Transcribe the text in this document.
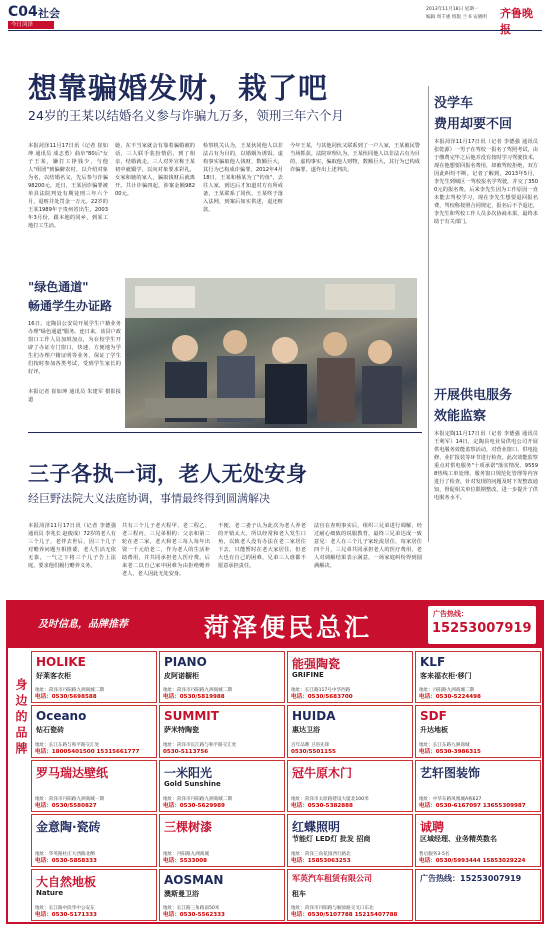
C04 社会
今日菏泽
2013年11月18日 星期一
编辑 周千惠 组版 兰书 安晓明 齐鲁晚报
想靠骗婚发财，栽了吧
24岁的王某以结婚名义参与诈骗九万多，领刑三年六个月
本报菏泽11月17日讯（记者 崔如坤 通讯员 成志勇）曲阜"80后"女子王某，嫌打工挣钱少，与他人"组团"到偏僻农村，以介绍对象为名，以结婚名义，先后参与诈骗98200元。近日，王某因诈骗罪被单县法院判处有期徒刑三年六个月，退赃并处罚金一万元。22岁的王某1989年于贵州省出生，2003年3月份，跟本地的同乡，到某工地打工生活。
她，在不当家就会有靠着骗婚被的话，三人联手装扮情侣，到了相亲，结婚就走。三人对外宣称王某初中就辍学，以向对象要求彩礼，女家和她的家人，骗取钱财后就离开。共计诈骗四起，涉案金额98200元。
检察机关认为，王某伙同他人以非法占有为目的，以婚姻为诱饵，虚构事实骗取他人钱财，数额巨大，其行为已构成诈骗罪。2012年4月18日，王某和杨某为了"钓鱼"，去往人家，到达后才知道对方有所戒备，王某联系了同伙。王某终于落入法网，到案后如实供述，退还赃款。
今年王某，与其他同伙又联系到了一户人家，王某被民警当场抓获。法院审理认为，王某伙同他人以非法占有为目的，虚构事实，骗取他人财物，数额巨大，其行为已构成诈骗罪，遂作出上述判决。
"绿色通道"
畅通学生办证路
16日，定陶县公安局开展学生户籍业务办理"绿色通道"服务。连日来，该县户政窗口工作人员加班加点，为在校学生开辟了办证专门窗口，快速、方便地为学生们办理户籍证明等业务，保证了学生们按时参加各类考试，受到学生家长的好评。
本报记者 崔如坤 通讯员 朱建军 摄影报道
没学车
费用却要不回
本报菏泽11月17日讯（记者 李德强 通讯员 张乾源）一男子在驾校一报名了驾照考试，由于缴费完毕之后他并没有按时学习驾驶技术，现在他想要回报名费用，却被驾校拒绝，双方因此纠纷不断。记者了解到，2013年5月，李先生到城区一驾校报名学驾驶，并交了3500元的报名费。后来李先生因为工作原因一直未能去驾校学习，现在李先生想要退回报名费，驾校称按照合同规定，报名后不予退还。李先生和驾校工作人员多次协商未果，最终求助于有关部门。
开展供电服务
效能监察
本报定陶11月17日讯（记者 李德强 通讯员 王利军）14日，定陶县电业局供电公司开展供电服务效能监察活动，对营业窗口、供电抢修、业扩报装等环节进行检查。此次效能监察重点对供电服务"十项承诺"落实情况、95598热线工单处理、服务窗口规范化管理等内容进行了检查，针对发现的问题及时下发整改通知，督促相关单位限期整改，进一步提升了供电服务水平。
三子各执一词，老人无处安身
经巨野法院大义法庭协调，事情最终得到圆满解决
本报菏泽11月17日讯（记者 李德强 通讯员 李兆长 赵俊成）72岁的老人有三个儿子，老伴去世后，因三个儿子对赡养问题互相推诿，老人生活无依无靠，一气之下将三个儿子告上法庭，要求他们履行赡养义务。
共有三个儿子老大程甲、老二程乙、老三程丙，三兄弟相约：父亲和第二轮在老二家，老大和老三每人每年出资一千元给老二，作为老人的生活补助费用，并共同承担老人医疗费。后来老二以自己家中困难为由拒绝赡养老人，老人因此无处安身。
不便，老二妻子认为此次为老人养老的开销太大，所以经常和老人发生口角，以致老人没有办法在老二家居住下去，只能暂时在老大家居住，但老大也有自己的困难，兄弟三人谁都不愿意承担责任。
法官在查明事实后，组织三兄弟进行调解，经过耐心细致的说服教育，最终三兄弟达成一致意见：老人在三个儿子家轮流居住，每家居住四个月，三兄弟共同承担老人的医疗费用，老人对调解结果表示满意，一场家庭纠纷得到圆满解决。
及时信息，品牌推荐	菏泽便民总汇	广告热线：
15253007919
身边的品牌
HOLIKE
好莱客衣柜
地址：菏泽市丹阳路九洲商城二期
电话：0530/5698588
PIANO
皮阿诺橱柜
地址：菏泽市丹阳路九洲商城二期
电话：0530/5819988
能强陶瓷
GRIFINE
地址：长江路117号中华西路
电话：0530/5683700
KLF
客来福衣柜·移门
地址：丹阳路九洲商城二期
电话：0530-5224498
Oceano
钻石瓷砖
地址：长江东路与和平路交汇处
电话：18005401500 15315661777
SUMMIT
萨米特陶瓷
地址：菏泽市长江路与和平路交汇处
0530-5113756
HUIDA
惠达卫浴
百年品牌 卫浴先锋
0530/5501155
SDF
升达地板
地址：长江东路九洲商城
电话：0530-3986315
罗马瑞达壁纸
地址：菏泽市丹阳路九洲商城一期
电话：0530/5580827
一米阳光
Gold Sunshine
地址：菏泽市丹阳路九洲商城二期
电话：0530-5629989
冠牛原木门
地址：菏泽市太原路建设大厦北100米
电话：0530-5382888
艺轩图装饰
地址：中华东路凤凰城A栋627
电话：0530-6167097 13655309987
金意陶·瓷砖
地址：华英路杜庄大西路北侧
电话：0530-5858333
三棵树漆
地址：丹阳路九洲商城
电话：5533008
红蝶照明
节能灯 LED灯 批发 招商
地址：菏泽三角花园西行路北
电话：15853063253
诚聘
区域经理、业务精英数名
售后服务3-5名
电话：0530/5993444 15853029224
大自然地板
Nature
地址：长江路中段华中公安东
电话：0530-5171333
AOSMAN
澳斯曼卫浴
地址：长江路三角路南50米
电话：0530-5562333
军英汽车租赁有限公司
租车
地址：菏泽市丹阳路与解放路交叉口东北
电话：0530/5107788 15215407788
广告热线：15253007919
